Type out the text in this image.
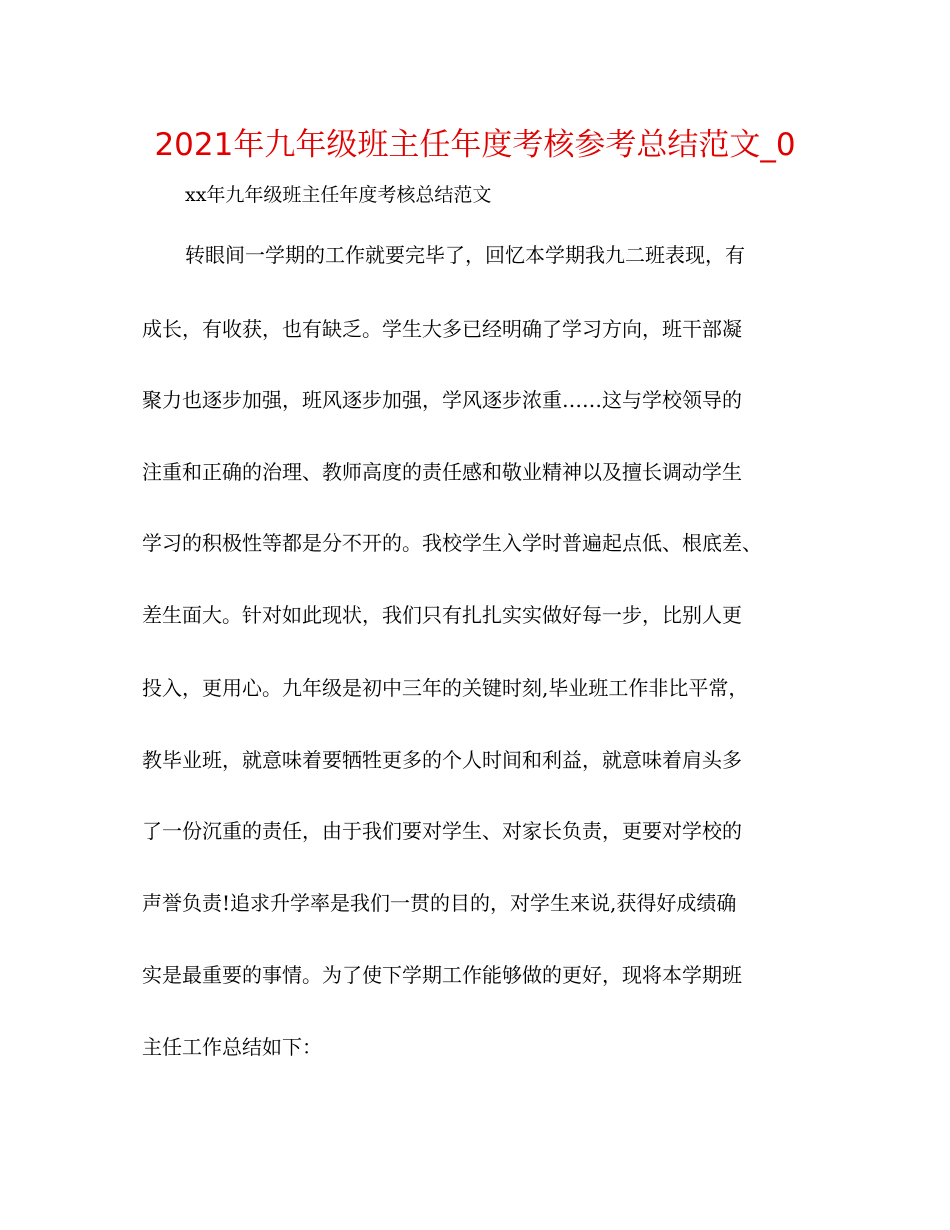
2021年九年级班主任年度考核参考总结范文_0
xx年九年级班主任年度考核总结范文
转眼间一学期的工作就要完毕了，回忆本学期我九二班表现，有
成长，有收获，也有缺乏。学生大多已经明确了学习方向，班干部凝
聚力也逐步加强，班风逐步加强，学风逐步浓重……这与学校领导的
注重和正确的治理、教师高度的责任感和敬业精神以及擅长调动学生
学习的积极性等都是分不开的。我校学生入学时普遍起点低、根底差、
差生面大。针对如此现状，我们只有扎扎实实做好每一步，比别人更
投入，更用心。九年级是初中三年的关键时刻,毕业班工作非比平常，
教毕业班，就意味着要牺牲更多的个人时间和利益，就意味着肩头多
了一份沉重的责任，由于我们要对学生、对家长负责，更要对学校的
声誉负责!追求升学率是我们一贯的目的，对学生来说,获得好成绩确
实是最重要的事情。为了使下学期工作能够做的更好，现将本学期班
主任工作总结如下：
